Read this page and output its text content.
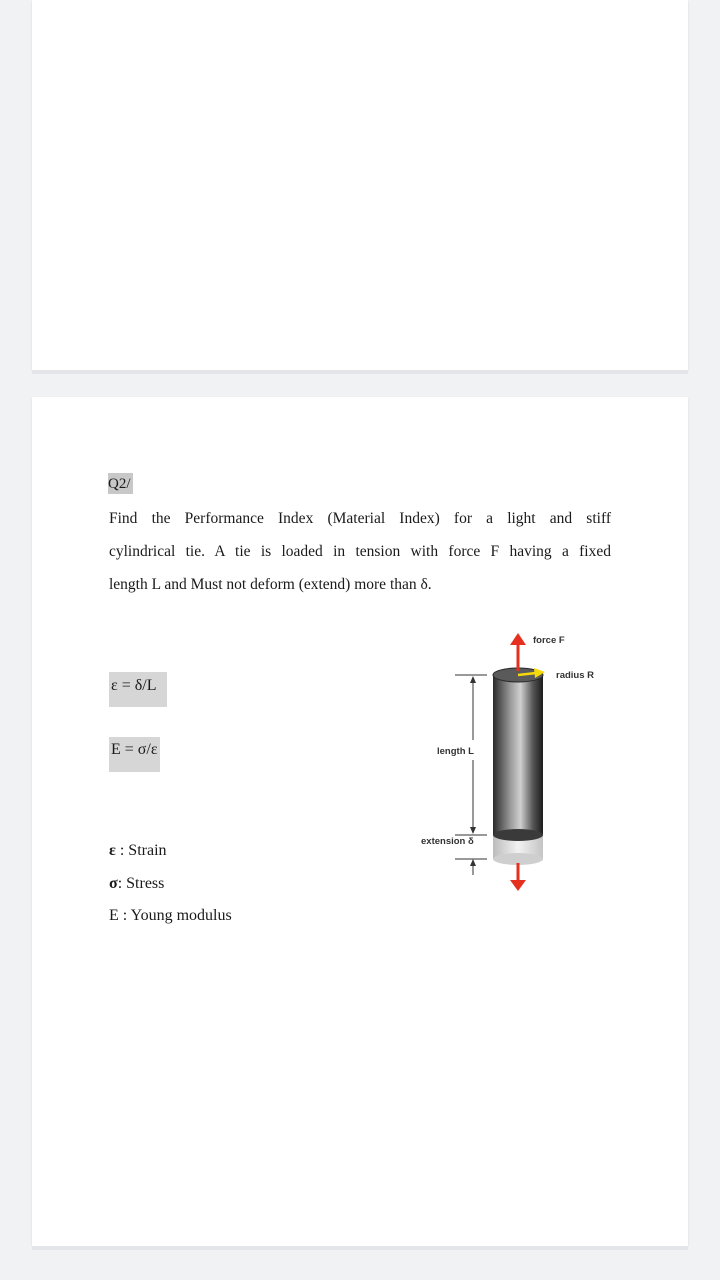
Q2/
Find the Performance Index (Material Index) for a light and stiff
cylindrical tie. A tie is loaded in tension with force F having a fixed
length L and Must not deform (extend) more than δ.
ε = δ/L
E = σ/ε
ε : Strain
σ: Stress
E : Young modulus
force F
radius R
length L
extension δ
